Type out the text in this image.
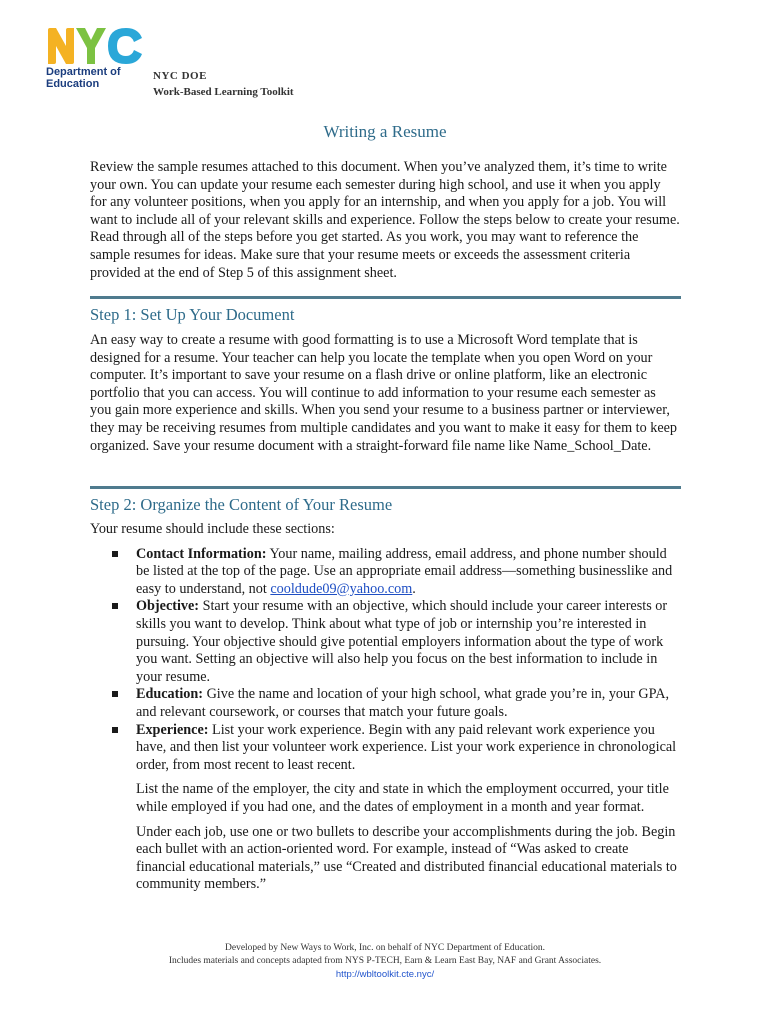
Department of
Education
NYC DOE
Work-Based Learning Toolkit
Writing a Resume

Review the sample resumes attached to this document. When you’ve analyzed them, it’s time to write your own. You can update your resume each semester during high school, and use it when you apply for any volunteer positions, when you apply for an internship, and when you apply for a job. You will want to include all of your relevant skills and experience. Follow the steps below to create your resume. Read through all of the steps before you get started. As you work, you may want to reference the sample resumes for ideas. Make sure that your resume meets or exceeds the assessment criteria provided at the end of Step 5 of this assignment sheet.

Step 1: Set Up Your Document

An easy way to create a resume with good formatting is to use a Microsoft Word template that is designed for a resume. Your teacher can help you locate the template when you open Word on your computer. It’s important to save your resume on a flash drive or online platform, like an electronic portfolio that you can access. You will continue to add information to your resume each semester as you gain more experience and skills. When you send your resume to a business partner or interviewer, they may be receiving resumes from multiple candidates and you want to make it easy for them to keep organized. Save your resume document with a straight-forward file name like Name_School_Date.

Step 2: Organize the Content of Your Resume

Your resume should include these sections:

Contact Information: Your name, mailing address, email address, and phone number should be listed at the top of the page. Use an appropriate email address—something businesslike and easy to understand, not cooldude09@yahoo.com.
Objective: Start your resume with an objective, which should include your career interests or skills you want to develop. Think about what type of job or internship you’re interested in pursuing. Your objective should give potential employers information about the type of work you want. Setting an objective will also help you focus on the best information to include in your resume.
Education: Give the name and location of your high school, what grade you’re in, your GPA, and relevant coursework, or courses that match your future goals.
Experience: List your work experience. Begin with any paid relevant work experience you have, and then list your volunteer work experience. List your work experience in chronological order, from most recent to least recent.

List the name of the employer, the city and state in which the employment occurred, your title while employed if you had one, and the dates of employment in a month and year format.

Under each job, use one or two bullets to describe your accomplishments during the job. Begin each bullet with an action-oriented word. For example, instead of “Was asked to create financial educational materials,” use “Created and distributed financial educational materials to community members.”

Developed by New Ways to Work, Inc. on behalf of NYC Department of Education.
Includes materials and concepts adapted from NYS P-TECH, Earn & Learn East Bay, NAF and Grant Associates.
http://wbltoolkit.cte.nyc/
